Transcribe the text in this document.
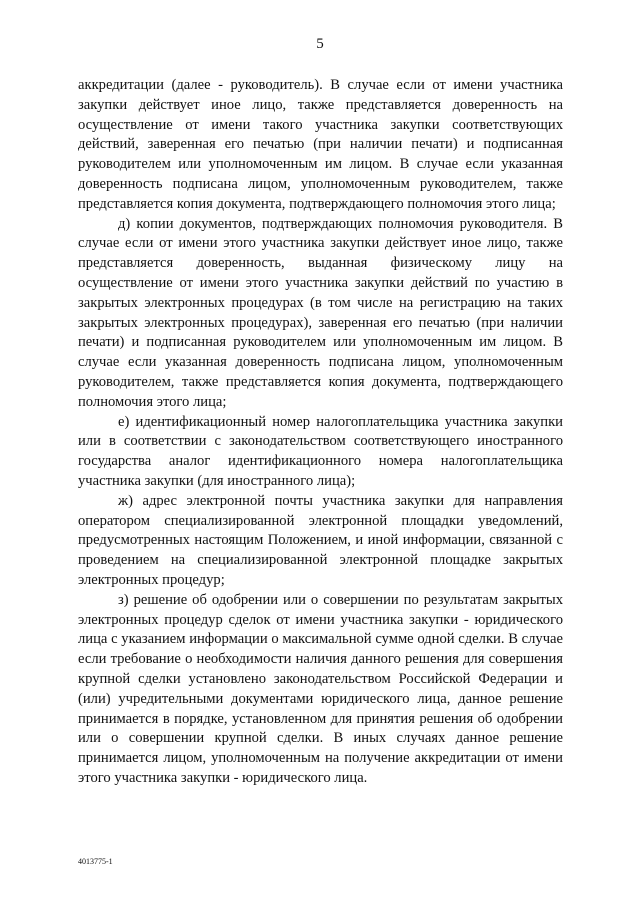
5

аккредитации (далее - руководитель). В случае если от имени участника закупки действует иное лицо, также представляется доверенность на осуществление от имени такого участника закупки соответствующих действий, заверенная его печатью (при наличии печати) и подписанная руководителем или уполномоченным им лицом. В случае если указанная доверенность подписана лицом, уполномоченным руководителем, также представляется копия документа, подтверждающего полномочия этого лица;

д) копии документов, подтверждающих полномочия руководителя. В случае если от имени этого участника закупки действует иное лицо, также представляется доверенность, выданная физическому лицу на осуществление от имени этого участника закупки действий по участию в закрытых электронных процедурах (в том числе на регистрацию на таких закрытых электронных процедурах), заверенная его печатью (при наличии печати) и подписанная руководителем или уполномоченным им лицом. В случае если указанная доверенность подписана лицом, уполномоченным руководителем, также представляется копия документа, подтверждающего полномочия этого лица;

е) идентификационный номер налогоплательщика участника закупки или в соответствии с законодательством соответствующего иностранного государства аналог идентификационного номера налогоплательщика участника закупки (для иностранного лица);

ж) адрес электронной почты участника закупки для направления оператором специализированной электронной площадки уведомлений, предусмотренных настоящим Положением, и иной информации, связанной с проведением на специализированной электронной площадке закрытых электронных процедур;

з) решение об одобрении или о совершении по результатам закрытых электронных процедур сделок от имени участника закупки - юридического лица с указанием информации о максимальной сумме одной сделки. В случае если требование о необходимости наличия данного решения для совершения крупной сделки установлено законодательством Российской Федерации и (или) учредительными документами юридического лица, данное решение принимается в порядке, установленном для принятия решения об одобрении или о совершении крупной сделки. В иных случаях данное решение принимается лицом, уполномоченным на получение аккредитации от имени этого участника закупки - юридического лица.

4013775-1
